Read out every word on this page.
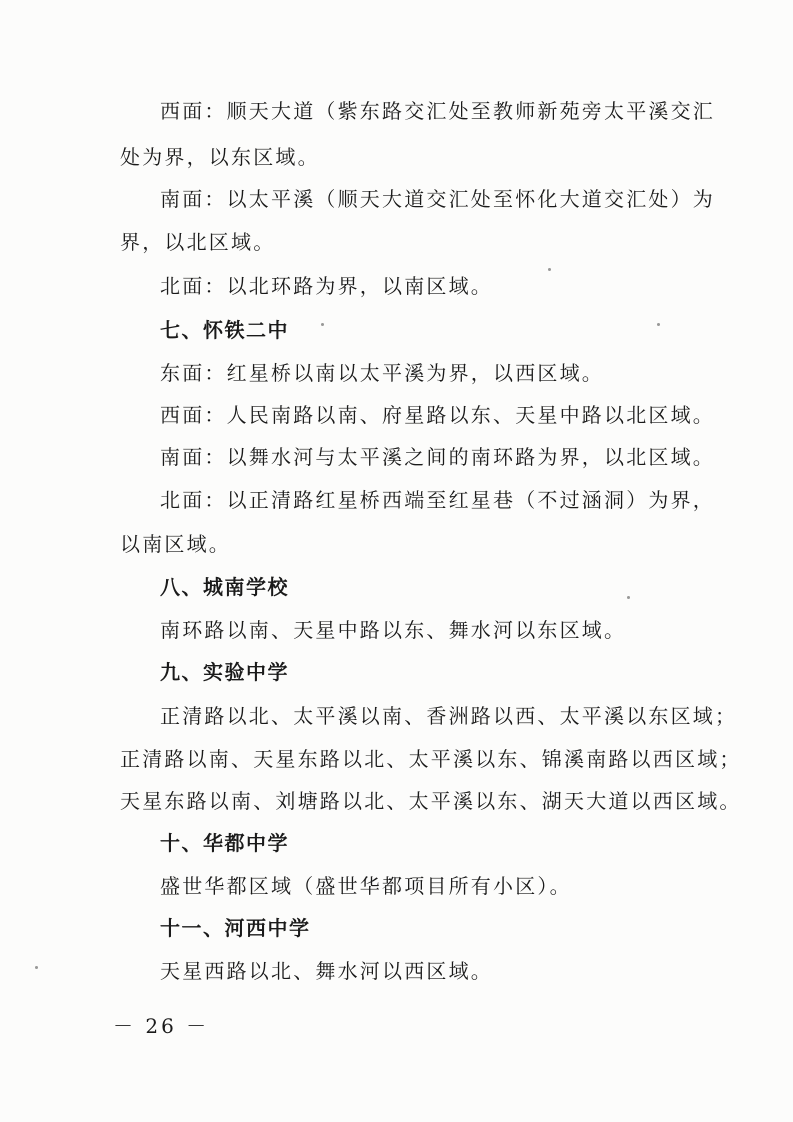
西面：顺天大道（紫东路交汇处至教师新苑旁太平溪交汇
处为界，以东区域。
南面：以太平溪（顺天大道交汇处至怀化大道交汇处）为
界，以北区域。
北面：以北环路为界，以南区域。
七、怀铁二中
东面：红星桥以南以太平溪为界，以西区域。
西面：人民南路以南、府星路以东、天星中路以北区域。
南面：以舞水河与太平溪之间的南环路为界，以北区域。
北面：以正清路红星桥西端至红星巷（不过涵洞）为界，
以南区域。
八、城南学校
南环路以南、天星中路以东、舞水河以东区域。
九、实验中学
正清路以北、太平溪以南、香洲路以西、太平溪以东区域；
正清路以南、天星东路以北、太平溪以东、锦溪南路以西区域；
天星东路以南、刘塘路以北、太平溪以东、湖天大道以西区域。
十、华都中学
盛世华都区域（盛世华都项目所有小区）。
十一、河西中学
天星西路以北、舞水河以西区域。
－ 26 －
